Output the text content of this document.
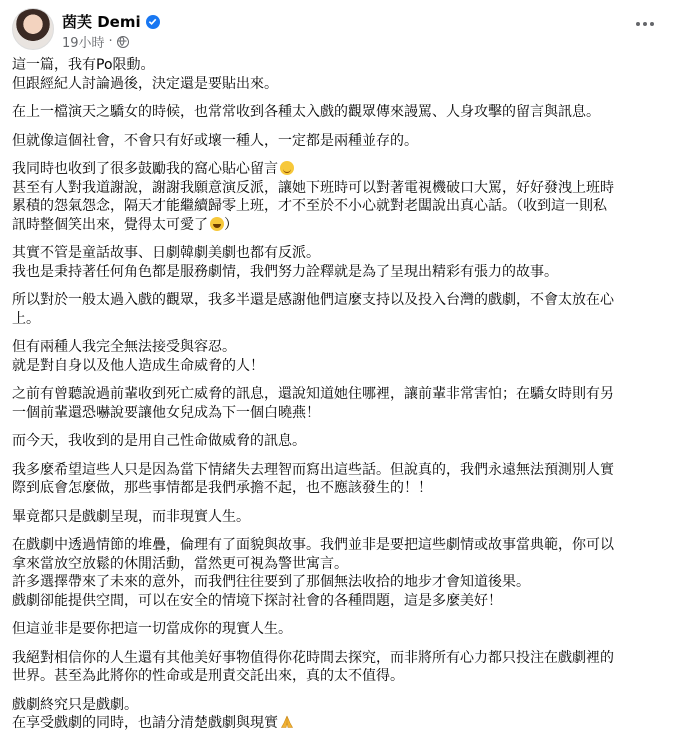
茵芙 Demi
19小時 ·

這一篇，我有Po限動。
但跟經紀人討論過後，決定還是要貼出來。

在上一檔演天之驕女的時候，也常常收到各種太入戲的觀眾傳來謾罵、人身攻擊的留言與訊息。

但就像這個社會，不會只有好或壞一種人，一定都是兩種並存的。

我同時也收到了很多鼓勵我的窩心貼心留言
甚至有人對我道謝說，謝謝我願意演反派，讓她下班時可以對著電視機破口大罵，好好發洩上班時
累積的怨氣怨念，隔天才能繼續歸零上班，才不至於不小心就對老闆說出真心話。（收到這一則私
訊時整個笑出來，覺得太可愛了 ）

其實不管是童話故事、日劇韓劇美劇也都有反派。
我也是秉持著任何角色都是服務劇情，我們努力詮釋就是為了呈現出精彩有張力的故事。

所以對於一般太過入戲的觀眾，我多半還是感謝他們這麼支持以及投入台灣的戲劇，不會太放在心
上。

但有兩種人我完全無法接受與容忍。
就是對自身以及他人造成生命威脅的人！

之前有曾聽說過前輩收到死亡威脅的訊息，還說知道她住哪裡，讓前輩非常害怕；在驕女時則有另
一個前輩還恐嚇說要讓他女兒成為下一個白曉燕！

而今天，我收到的是用自己性命做威脅的訊息。

我多麼希望這些人只是因為當下情緒失去理智而寫出這些話。但說真的，我們永遠無法預測別人實
際到底會怎麼做，那些事情都是我們承擔不起，也不應該發生的！！

畢竟都只是戲劇呈現，而非現實人生。

在戲劇中透過情節的堆疊，倫理有了面貌與故事。我們並非是要把這些劇情或故事當典範，你可以
拿來當放空放鬆的休閒活動，當然更可視為警世寓言。
許多選擇帶來了未來的意外，而我們往往要到了那個無法收拾的地步才會知道後果。
戲劇卻能提供空間，可以在安全的情境下探討社會的各種問題，這是多麼美好！

但這並非是要你把這一切當成你的現實人生。

我絕對相信你的人生還有其他美好事物值得你花時間去探究，而非將所有心力都只投注在戲劇裡的
世界。甚至為此將你的性命或是刑責交託出來，真的太不值得。

戲劇終究只是戲劇。
在享受戲劇的同時，也請分清楚戲劇與現實
